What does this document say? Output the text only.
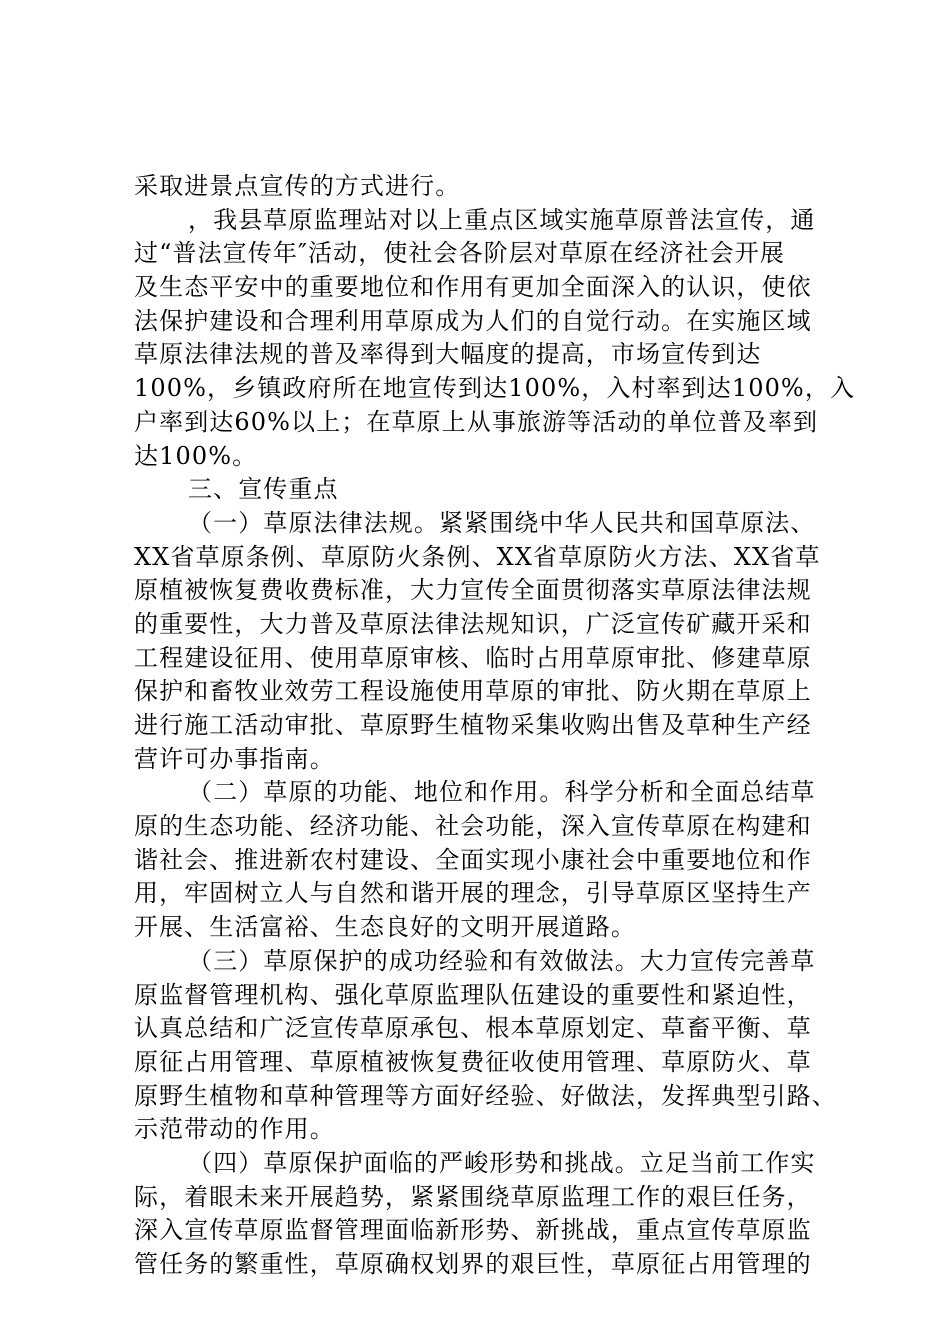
采取进景点宣传的方式进行。
，我县草原监理站对以上重点区域实施草原普法宣传，通
过“普法宣传年″活动，使社会各阶层对草原在经济社会开展
及生态平安中的重要地位和作用有更加全面深入的认识，使依
法保护建设和合理利用草原成为人们的自觉行动。在实施区域
草原法律法规的普及率得到大幅度的提高，市场宣传到达
100%，乡镇政府所在地宣传到达100%，入村率到达100%，入
户率到达60%以上；在草原上从事旅游等活动的单位普及率到
达100%。
三、宣传重点
（一）草原法律法规。紧紧围绕中华人民共和国草原法、
XX省草原条例、草原防火条例、XX省草原防火方法、XX省草
原植被恢复费收费标准，大力宣传全面贯彻落实草原法律法规
的重要性，大力普及草原法律法规知识，广泛宣传矿藏开采和
工程建设征用、使用草原审核、临时占用草原审批、修建草原
保护和畜牧业效劳工程设施使用草原的审批、防火期在草原上
进行施工活动审批、草原野生植物采集收购出售及草种生产经
营许可办事指南。
（二）草原的功能、地位和作用。科学分析和全面总结草
原的生态功能、经济功能、社会功能，深入宣传草原在构建和
谐社会、推进新农村建设、全面实现小康社会中重要地位和作
用，牢固树立人与自然和谐开展的理念，引导草原区坚持生产
开展、生活富裕、生态良好的文明开展道路。
（三）草原保护的成功经验和有效做法。大力宣传完善草
原监督管理机构、强化草原监理队伍建设的重要性和紧迫性，
认真总结和广泛宣传草原承包、根本草原划定、草畜平衡、草
原征占用管理、草原植被恢复费征收使用管理、草原防火、草
原野生植物和草种管理等方面好经验、好做法，发挥典型引路、
示范带动的作用。
（四）草原保护面临的严峻形势和挑战。立足当前工作实
际，着眼未来开展趋势，紧紧围绕草原监理工作的艰巨任务，
深入宣传草原监督管理面临新形势、新挑战，重点宣传草原监
管任务的繁重性，草原确权划界的艰巨性，草原征占用管理的
